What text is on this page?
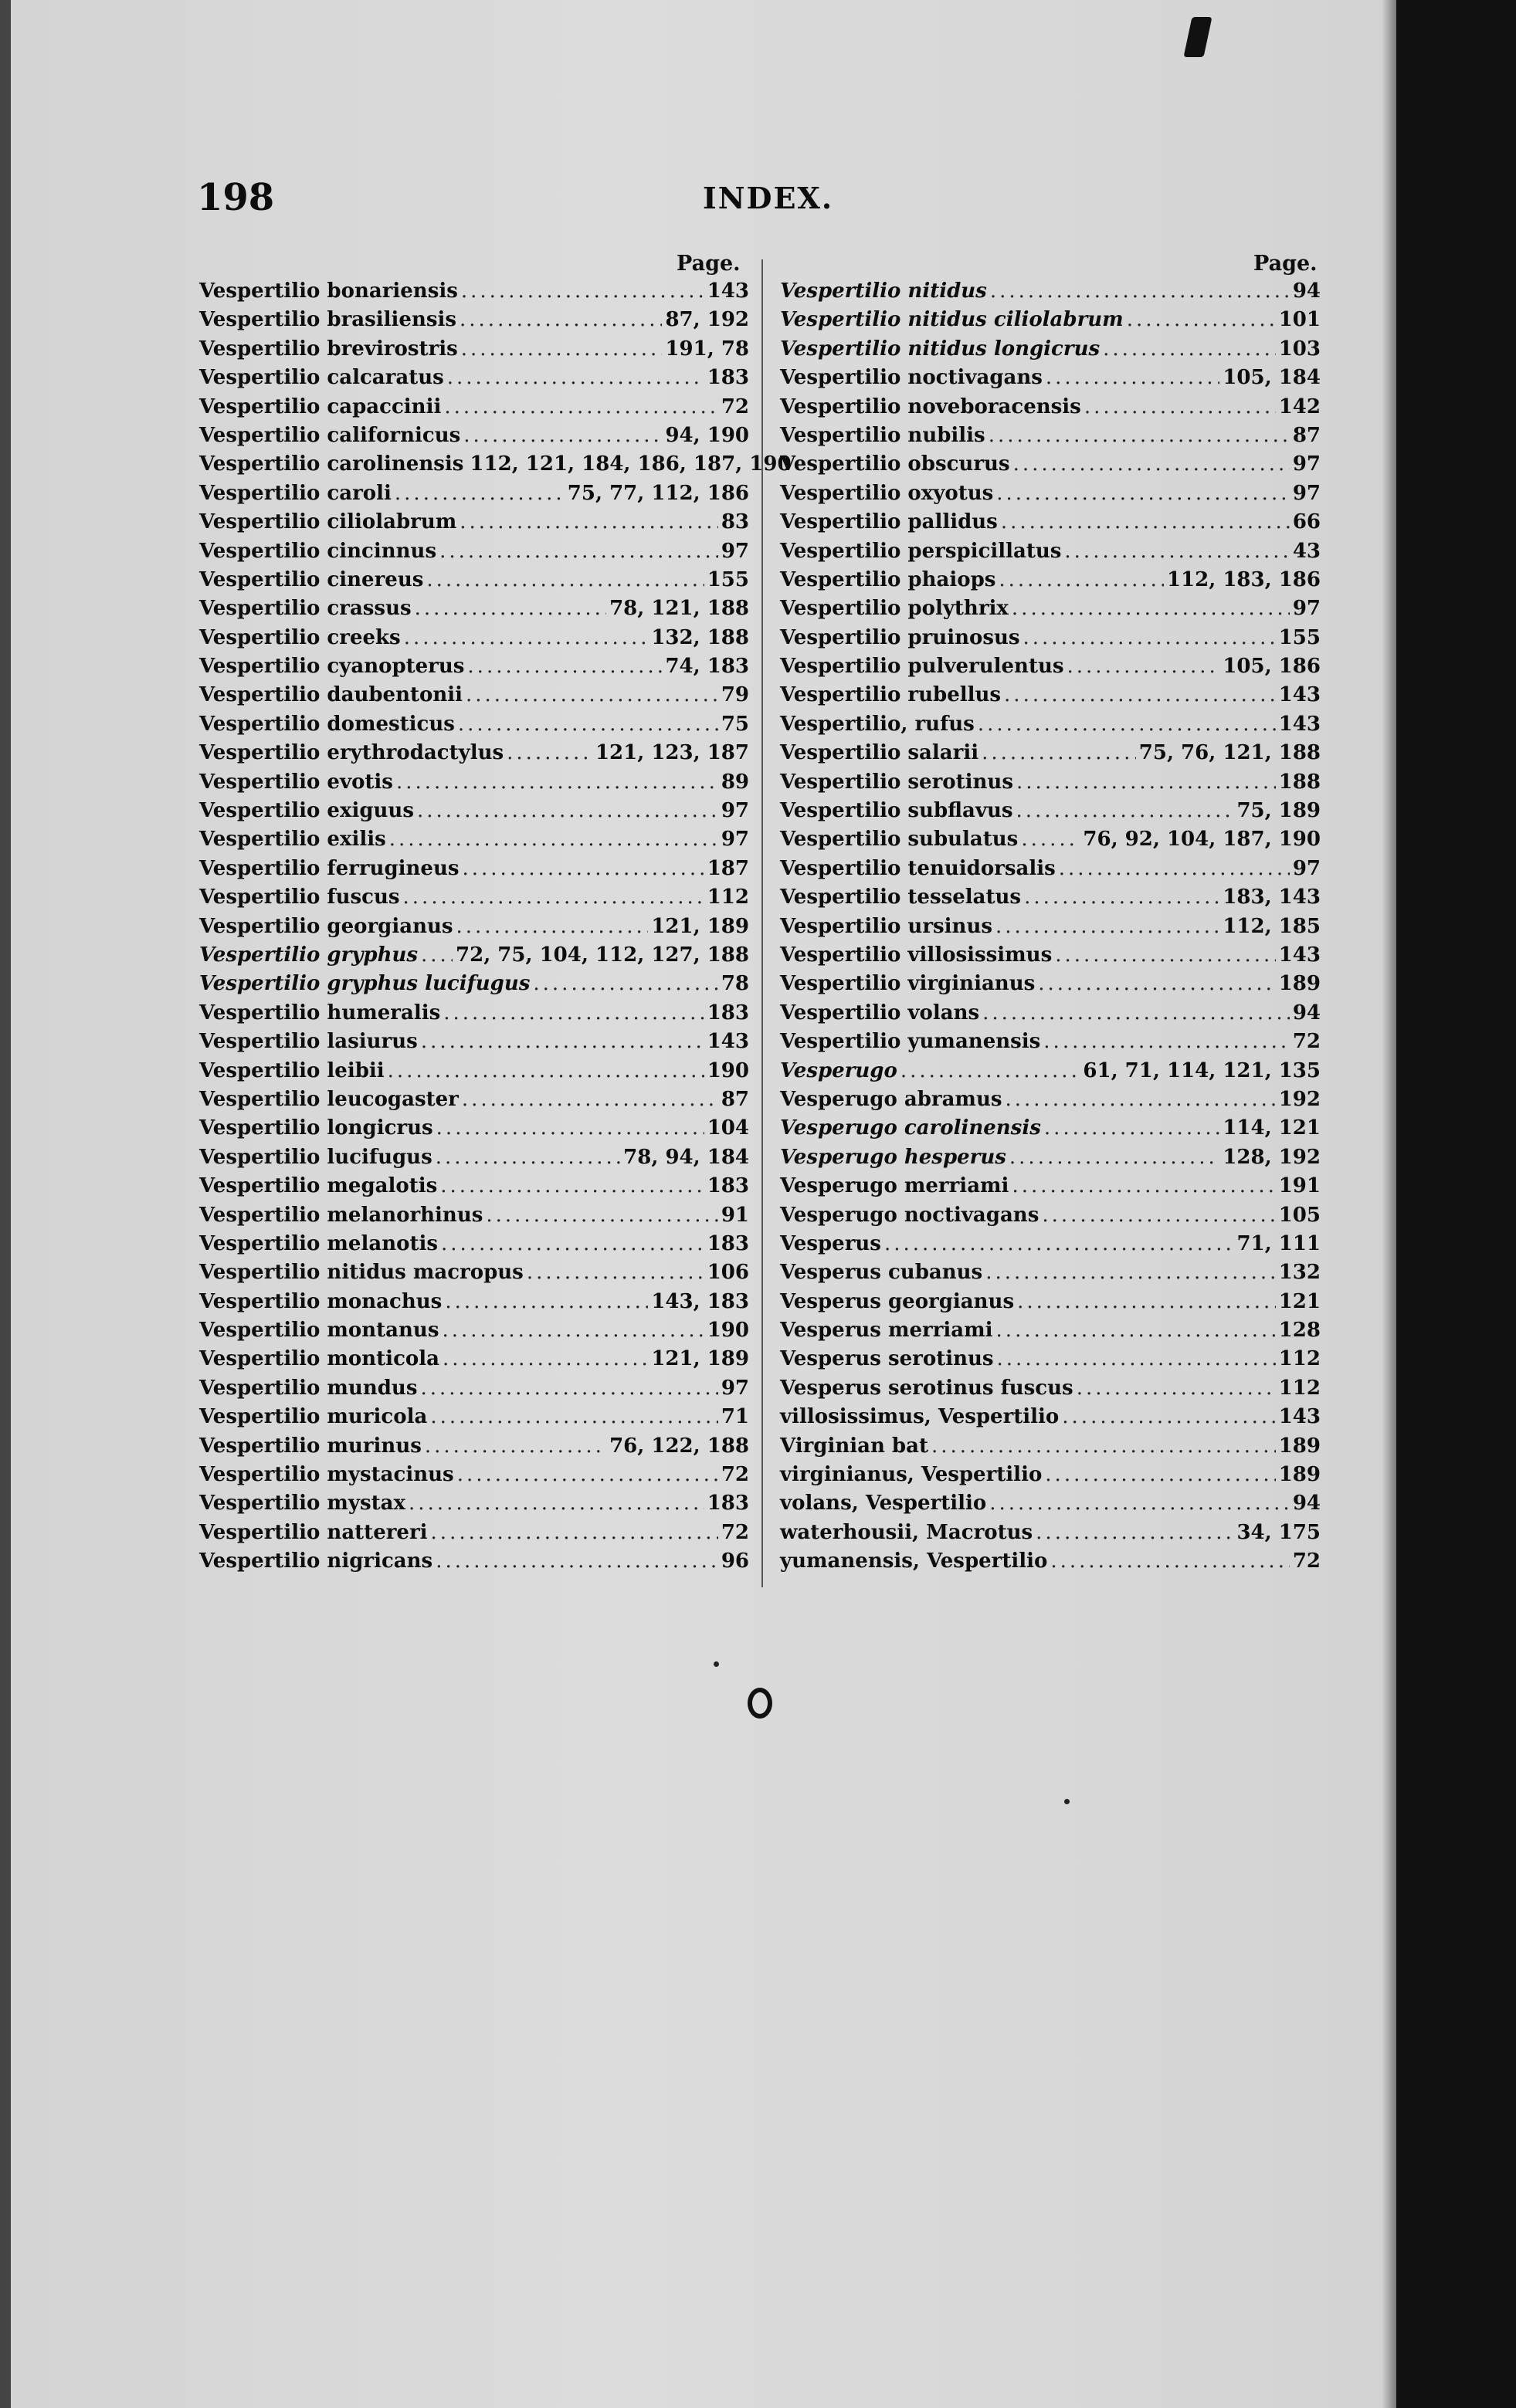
198	INDEX.
Page.	Page.
Vespertilio bonariensis .....	143
Vespertilio brasiliensis .....	87, 192
Vespertilio brevirostris .....	191, 78
Vespertilio calcaratus .....	183
Vespertilio capaccinii .....	72
Vespertilio californicus .....	94, 190
Vespertilio carolinensis 112, 121, 184, 186, 187, 190
Vespertilio caroli .....	75, 77, 112, 186
Vespertilio ciliolabrum .....	83
Vespertilio cincinnus .....	97
Vespertilio cinereus .....	155
Vespertilio crassus .....	78, 121, 188
Vespertilio creeks .....	132, 188
Vespertilio cyanopterus .....	74, 183
Vespertilio daubentonii .....	79
Vespertilio domesticus .....	75
Vespertilio erythrodactylus .....	121, 123, 187
Vespertilio evotis .....	89
Vespertilio exiguus .....	97
Vespertilio exilis .....	97
Vespertilio ferrugineus .....	187
Vespertilio fuscus .....	112
Vespertilio georgianus .....	121, 189
Vespertilio gryphus ..... 72, 75, 104, 112, 127, 188
Vespertilio gryphus lucifugus .....	78
Vespertilio humeralis .....	183
Vespertilio lasiurus .....	143
Vespertilio leibii .....	190
Vespertilio leucogaster .....	87
Vespertilio longicrus .....	104
Vespertilio lucifugus .....	78, 94, 184
Vespertilio megalotis .....	183
Vespertilio melanorhinus .....	91
Vespertilio melanotis .....	183
Vespertilio nitidus macropus .....	106
Vespertilio monachus .....	143, 183
Vespertilio montanus .....	190
Vespertilio monticola .....	121, 189
Vespertilio mundus .....	97
Vespertilio muricola .....	71
Vespertilio murinus .....	76, 122, 188
Vespertilio mystacinus .....	72
Vespertilio mystax .....	183
Vespertilio nattereri .....	72
Vespertilio nigricans .....	96
Vespertilio nitidus .....	94
Vespertilio nitidus ciliolabrum .....	101
Vespertilio nitidus longicrus .....	103
Vespertilio noctivagans .....	105, 184
Vespertilio noveboracensis .....	142
Vespertilio nubilis .....	87
Vespertilio obscurus .....	97
Vespertilio oxyotus .....	97
Vespertilio pallidus .....	66
Vespertilio perspicillatus .....	43
Vespertilio phaiops .....	112, 183, 186
Vespertilio polythrix .....	97
Vespertilio pruinosus .....	155
Vespertilio pulverulentus .....	105, 186
Vespertilio rubellus .....	143
Vespertilio, rufus .....	143
Vespertilio salarii .....	75, 76, 121, 188
Vespertilio serotinus .....	188
Vespertilio subflavus .....	75, 189
Vespertilio subulatus .....	76, 92, 104, 187, 190
Vespertilio tenuidorsalis .....	97
Vespertilio tesselatus .....	183, 143
Vespertilio ursinus .....	112, 185
Vespertilio villosissimus .....	143
Vespertilio virginianus .....	189
Vespertilio volans .....	94
Vespertilio yumanensis .....	72
Vesperugo .....	61, 71, 114, 121, 135
Vesperugo abramus .....	192
Vesperugo carolinensis .....	114, 121
Vesperugo hesperus .....	128, 192
Vesperugo merriami .....	191
Vesperugo noctivagans .....	105
Vesperus .....	71, 111
Vesperus cubanus .....	132
Vesperus georgianus .....	121
Vesperus merriami .....	128
Vesperus serotinus .....	112
Vesperus serotinus fuscus .....	112
villosissimus, Vespertilio .....	143
Virginian bat .....	189
virginianus, Vespertilio .....	189
volans, Vespertilio .....	94
waterhousii, Macrotus .....	34, 175
yumanensis, Vespertilio .....	72
